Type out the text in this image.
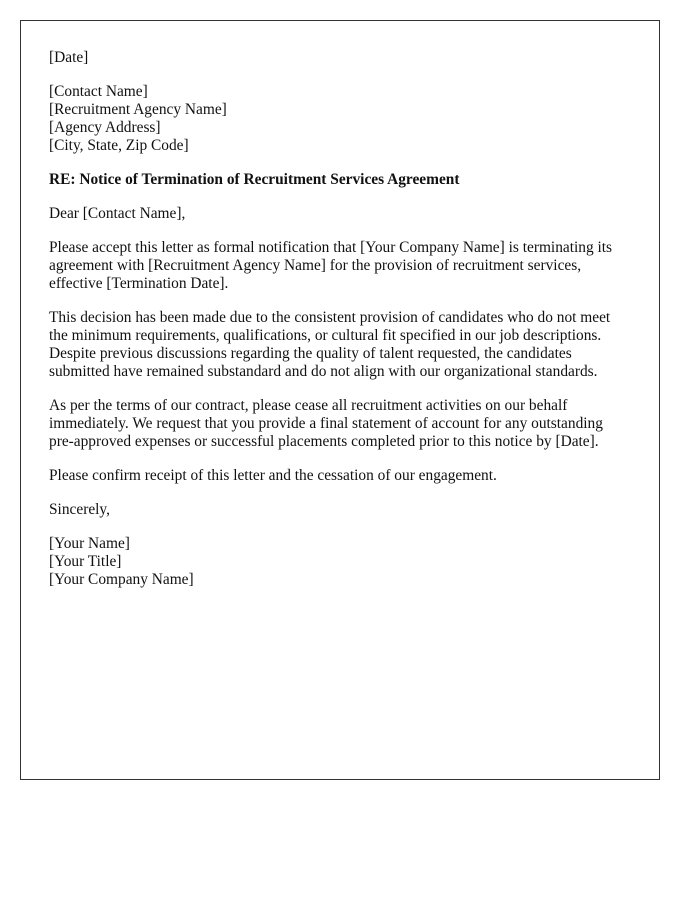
[Date]

[Contact Name]
[Recruitment Agency Name]
[Agency Address]
[City, State, Zip Code]

RE: Notice of Termination of Recruitment Services Agreement

Dear [Contact Name],

Please accept this letter as formal notification that [Your Company Name] is terminating its agreement with [Recruitment Agency Name] for the provision of recruitment services, effective [Termination Date].

This decision has been made due to the consistent provision of candidates who do not meet the minimum requirements, qualifications, or cultural fit specified in our job descriptions. Despite previous discussions regarding the quality of talent requested, the candidates submitted have remained substandard and do not align with our organizational standards.

As per the terms of our contract, please cease all recruitment activities on our behalf immediately. We request that you provide a final statement of account for any outstanding pre-approved expenses or successful placements completed prior to this notice by [Date].

Please confirm receipt of this letter and the cessation of our engagement.

Sincerely,

[Your Name]
[Your Title]
[Your Company Name]
